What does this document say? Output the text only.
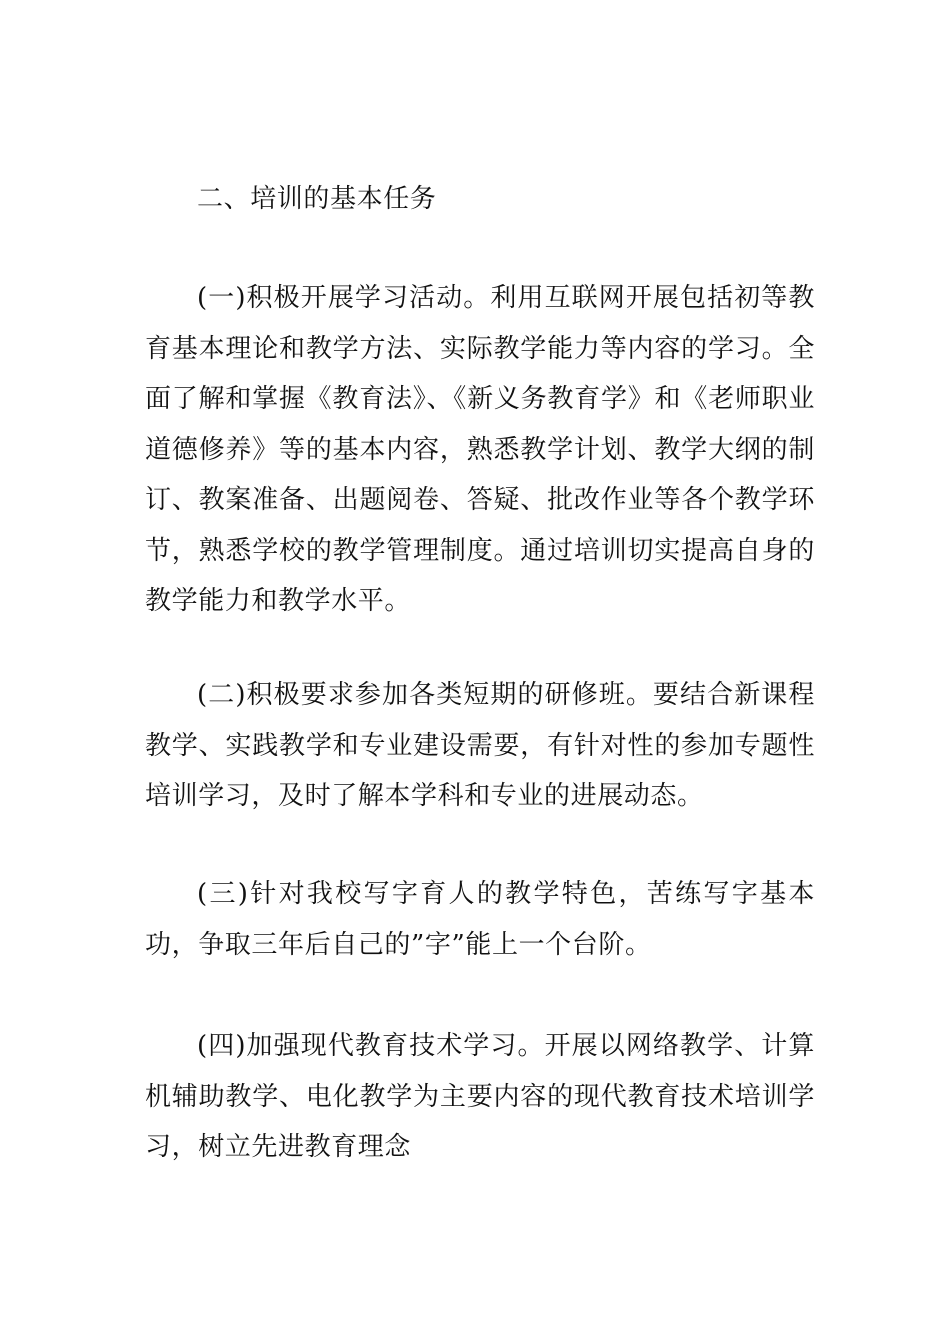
二、培训的基本任务
(一)积极开展学习活动。利用互联网开展包括初等教育基本理论和教学方法、实际教学能力等内容的学习。全面了解和掌握《教育法》、《新义务教育学》和《老师职业道德修养》等的基本内容，熟悉教学计划、教学大纲的制订、教案准备、出题阅卷、答疑、批改作业等各个教学环节，熟悉学校的教学管理制度。通过培训切实提高自身的教学能力和教学水平。
(二)积极要求参加各类短期的研修班。要结合新课程教学、实践教学和专业建设需要，有针对性的参加专题性培训学习，及时了解本学科和专业的进展动态。
(三)针对我校写字育人的教学特色，苦练写字基本功，争取三年后自己的”字”能上一个台阶。
(四)加强现代教育技术学习。开展以网络教学、计算机辅助教学、电化教学为主要内容的现代教育技术培训学习，树立先进教育理念
